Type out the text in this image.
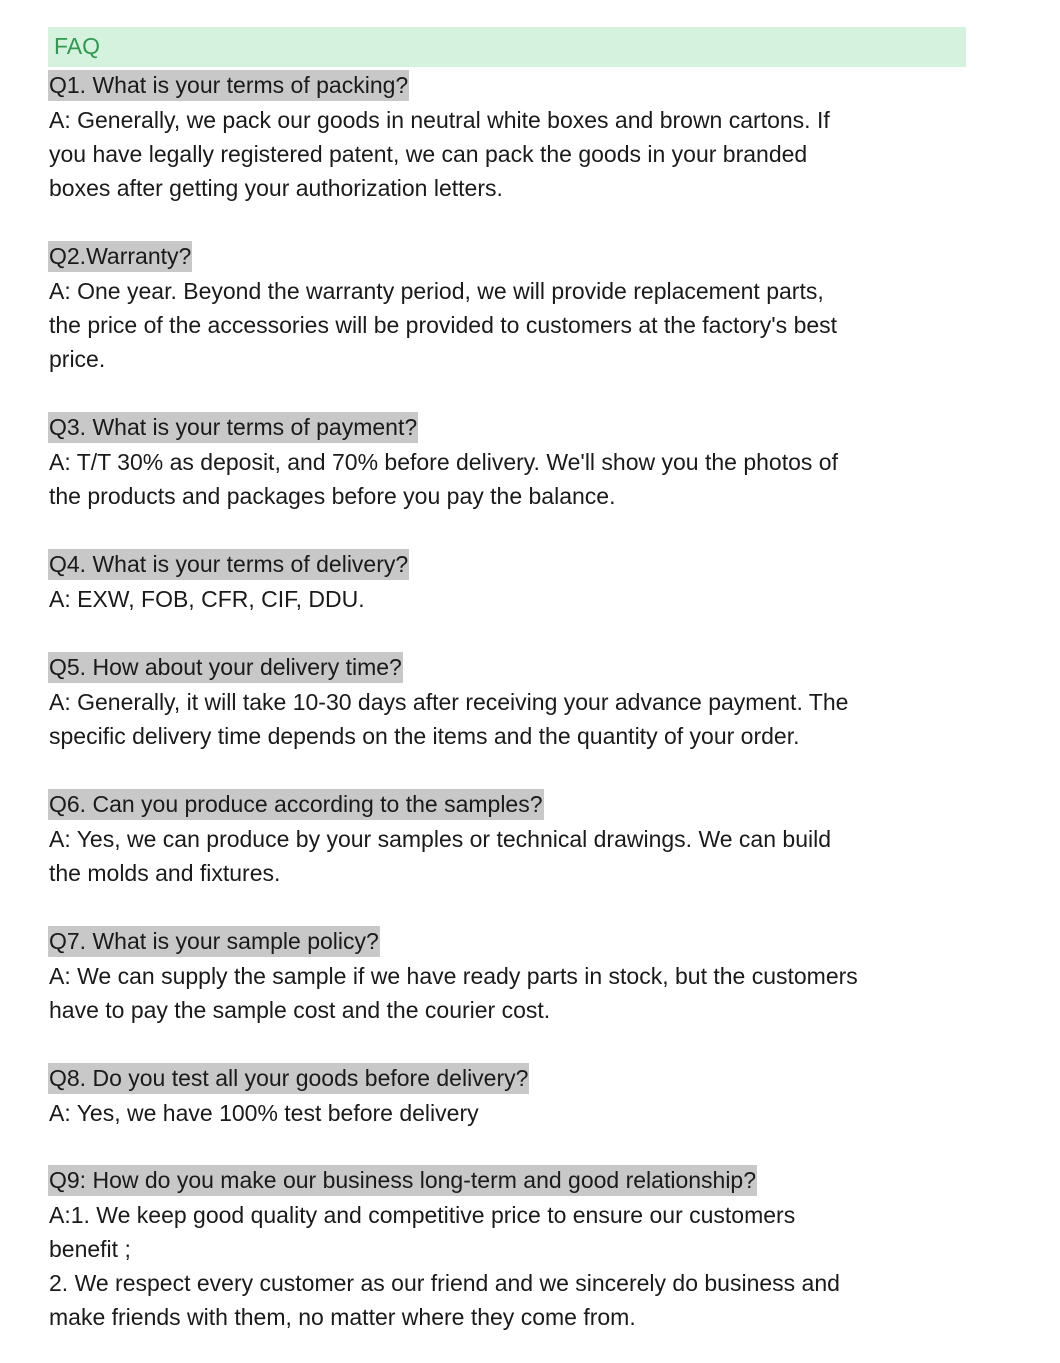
FAQ
Q1. What is your terms of packing?
A: Generally, we pack our goods in neutral white boxes and brown cartons. If
you have legally registered patent, we can pack the goods in your branded
boxes after getting your authorization letters.
Q2.Warranty?
A: One year. Beyond the warranty period, we will provide replacement parts,
the price of the accessories will be provided to customers at the factory's best
price.
Q3. What is your terms of payment?
A: T/T 30% as deposit, and 70% before delivery. We'll show you the photos of
the products and packages before you pay the balance.
Q4. What is your terms of delivery?
A: EXW, FOB, CFR, CIF, DDU.
Q5. How about your delivery time?
A: Generally, it will take 10-30 days after receiving your advance payment. The
specific delivery time depends on the items and the quantity of your order.
Q6. Can you produce according to the samples?
A: Yes, we can produce by your samples or technical drawings. We can build
the molds and fixtures.
Q7. What is your sample policy?
A: We can supply the sample if we have ready parts in stock, but the customers
have to pay the sample cost and the courier cost.
Q8. Do you test all your goods before delivery?
A: Yes, we have 100% test before delivery
Q9: How do you make our business long-term and good relationship?
A:1. We keep good quality and competitive price to ensure our customers
benefit ;
2. We respect every customer as our friend and we sincerely do business and
make friends with them, no matter where they come from.
